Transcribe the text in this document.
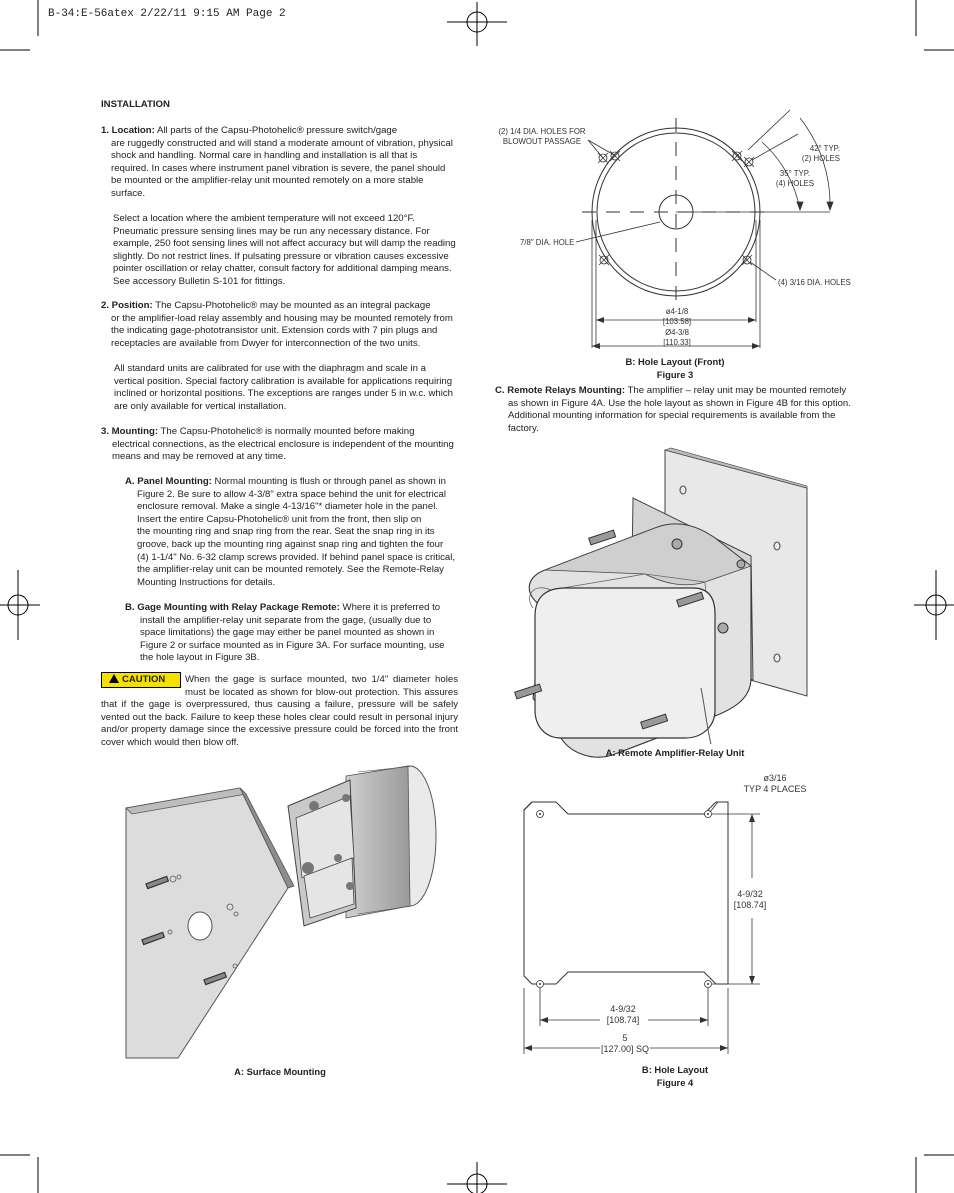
B-34:E-56atex 2/22/11 9:15 AM Page 2
INSTALLATION

1. Location: All parts of the Capsu-Photohelic® pressure switch/gage

are ruggedly constructed and will stand a moderate amount of vibration, physical

shock and handling. Normal care in handling and installation is all that is

required. In cases where instrument panel vibration is severe, the panel should

be mounted or the amplifier-relay unit mounted remotely on a more stable

surface.

Select a location where the ambient temperature will not exceed 120°F.

Pneumatic pressure sensing lines may be run any necessary distance. For

example, 250 foot sensing lines will not affect accuracy but will damp the reading

slightly. Do not restrict lines. If pulsating pressure or vibration causes excessive

pointer oscillation or relay chatter, consult factory for additional damping means.

See accessory Bulletin S-101 for fittings.

2. Position: The Capsu-Photohelic® may be mounted as an integral package

or the amplifier-load relay assembly and housing may be mounted remotely from

the indicating gage-phototransistor unit. Extension cords with 7 pin plugs and

receptacles are available from Dwyer for interconnection of the two units.

All standard units are calibrated for use with the diaphragm and scale in a

vertical position. Special factory calibration is available for applications requiring

inclined or horizontal positions. The exceptions are ranges under 5 in w.c. which

are only available for vertical installation.

3. Mounting: The Capsu-Photohelic® is normally mounted before making

electrical connections, as the electrical enclosure is independent of the mounting

means and may be removed at any time.

A. Panel Mounting: Normal mounting is flush or through panel as shown in

Figure 2. Be sure to allow 4-3/8" extra space behind the unit for electrical

enclosure removal. Make a single 4-13/16"* diameter hole in the panel.

Insert the entire Capsu-Photohelic® unit from the front, then slip on

the mounting ring and snap ring from the rear. Seat the snap ring in its

groove, back up the mounting ring against snap ring and tighten the four

(4) 1-1/4" No. 6-32 clamp screws provided. If behind panel space is critical,

the amplifier-relay unit can be mounted remotely. See the Remote-Relay

Mounting Instructions for details.

B. Gage Mounting with Relay Package Remote: Where it is preferred to

install the amplifier-relay unit separate from the gage, (usually due to

space limitations) the gage may either be panel mounted as shown in

Figure 2 or surface mounted as in Figure 3A. For surface mounting, use

the hole layout in Figure 3B.

CAUTION	When the gage is surface mounted, two 1/4" diameter holes

must be located as shown for blow-out protection. This assures

that if the gage is overpressured, thus causing a failure, pressure will be safely

vented out the back. Failure to keep these holes clear could result in personal injury

and/or property damage since the excessive pressure could be forced into the front

cover which would then blow off.

A: Surface Mounting

(2) 1/4 DIA. HOLES FOR

BLOWOUT PASSAGE

42° TYP.

(2) HOLES

35° TYP.

(4) HOLES

7/8" DIA. HOLE
(4) 3/16 DIA. HOLES

ø4-1/8

[103.58]

Ø4-3/8

[110.33]

B: Hole Layout (Front)
Figure 3

C. Remote Relays Mounting: The amplifier – relay unit may be mounted remotely

as shown in Figure 4A. Use the hole layout as shown in Figure 4B for this option.

Additional mounting information for special requirements is available from the

factory.

A: Remote Amplifier-Relay Unit

ø3/16

TYP 4 PLACES

4-9/32

[108.74]

4-9/32

[108.74]

5

[127.00] SQ

B: Hole Layout
Figure 4
